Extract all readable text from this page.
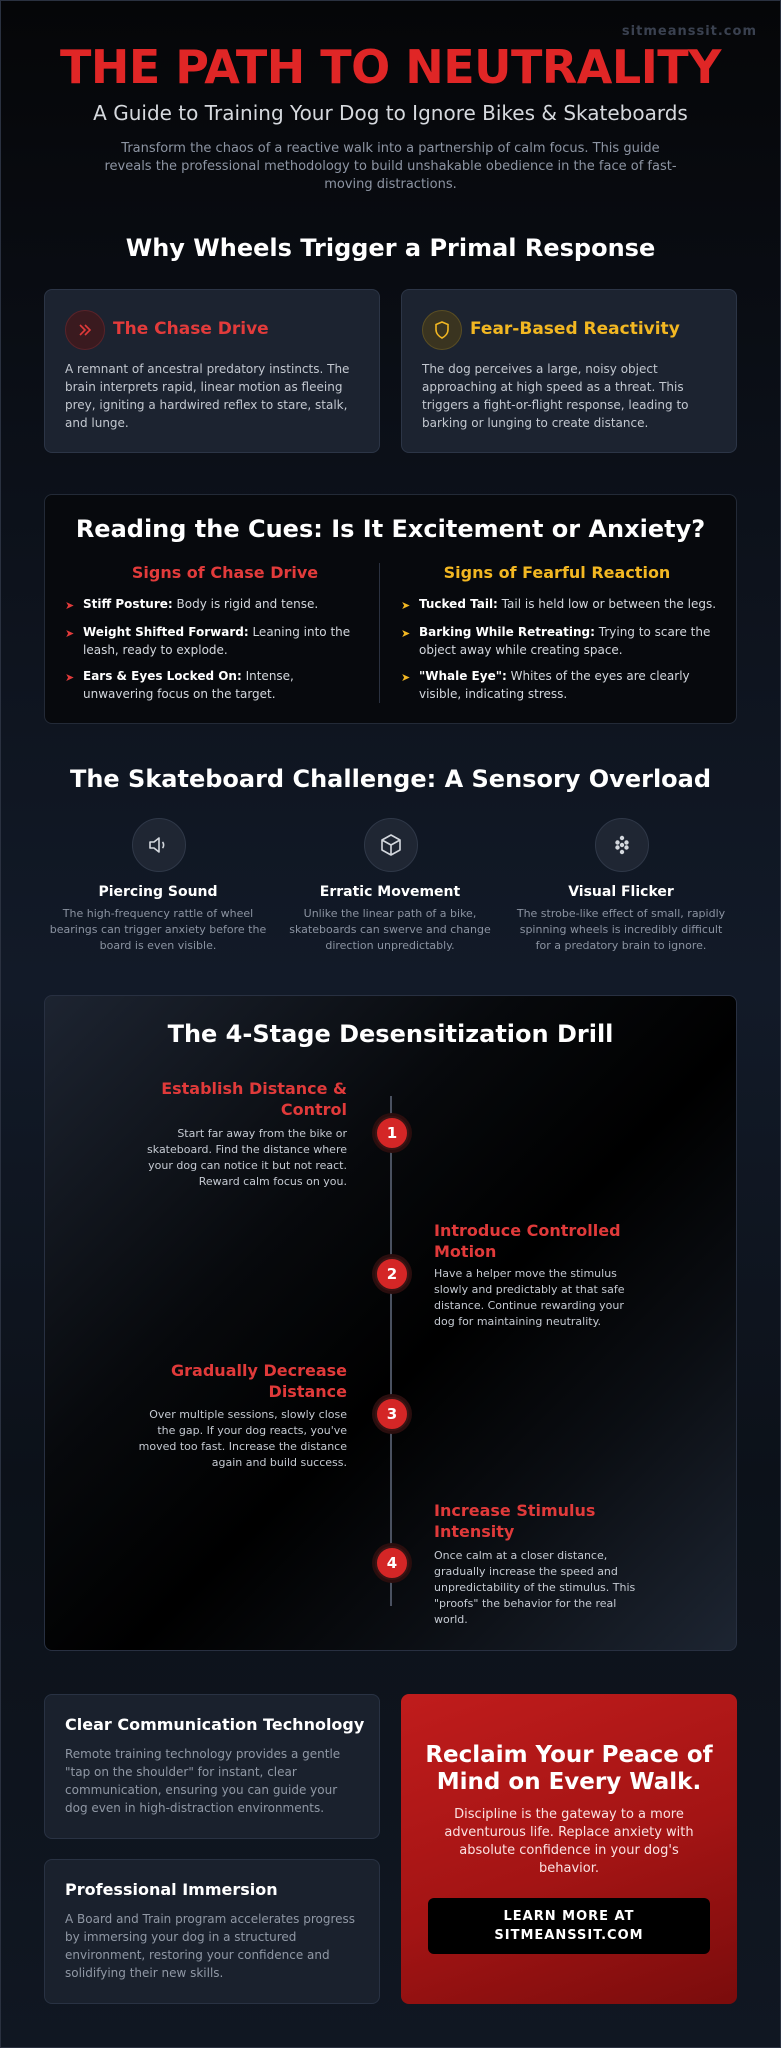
sitmeanssit.com
THE PATH TO NEUTRALITY
A Guide to Training Your Dog to Ignore Bikes & Skateboards
Transform the chaos of a reactive walk into a partnership of calm focus. This guide reveals the professional methodology to build unshakable obedience in the face of fast-moving distractions.
Why Wheels Trigger a Primal Response
The Chase Drive
A remnant of ancestral predatory instincts. The brain interprets rapid, linear motion as fleeing prey, igniting a hardwired reflex to stare, stalk, and lunge.
Fear-Based Reactivity
The dog perceives a large, noisy object approaching at high speed as a threat. This triggers a fight-or-flight response, leading to barking or lunging to create distance.
Reading the Cues: Is It Excitement or Anxiety?
Signs of Chase Drive	Signs of Fearful Reaction
➤ Stiff Posture: Body is rigid and tense.
➤ Weight Shifted Forward: Leaning into the leash, ready to explode.
➤ Ears & Eyes Locked On: Intense, unwavering focus on the target.
➤ Tucked Tail: Tail is held low or between the legs.
➤ Barking While Retreating: Trying to scare the object away while creating space.
➤ "Whale Eye": Whites of the eyes are clearly visible, indicating stress.
The Skateboard Challenge: A Sensory Overload
Piercing Sound
The high-frequency rattle of wheel bearings can trigger anxiety before the board is even visible.
Erratic Movement
Unlike the linear path of a bike, skateboards can swerve and change direction unpredictably.
Visual Flicker
The strobe-like effect of small, rapidly spinning wheels is incredibly difficult for a predatory brain to ignore.
The 4-Stage Desensitization Drill
Establish Distance & Control
Start far away from the bike or skateboard. Find the distance where your dog can notice it but not react. Reward calm focus on you.
1
Introduce Controlled Motion
Have a helper move the stimulus slowly and predictably at that safe distance. Continue rewarding your dog for maintaining neutrality.
2
Gradually Decrease Distance
Over multiple sessions, slowly close the gap. If your dog reacts, you've moved too fast. Increase the distance again and build success.
3
Increase Stimulus Intensity
Once calm at a closer distance, gradually increase the speed and unpredictability of the stimulus. This "proofs" the behavior for the real world.
4
Clear Communication Technology
Remote training technology provides a gentle "tap on the shoulder" for instant, clear communication, ensuring you can guide your dog even in high-distraction environments.
Professional Immersion
A Board and Train program accelerates progress by immersing your dog in a structured environment, restoring your confidence and solidifying their new skills.
Reclaim Your Peace of Mind on Every Walk.
Discipline is the gateway to a more adventurous life. Replace anxiety with absolute confidence in your dog's behavior.
LEARN MORE AT SITMEANSSIT.COM
